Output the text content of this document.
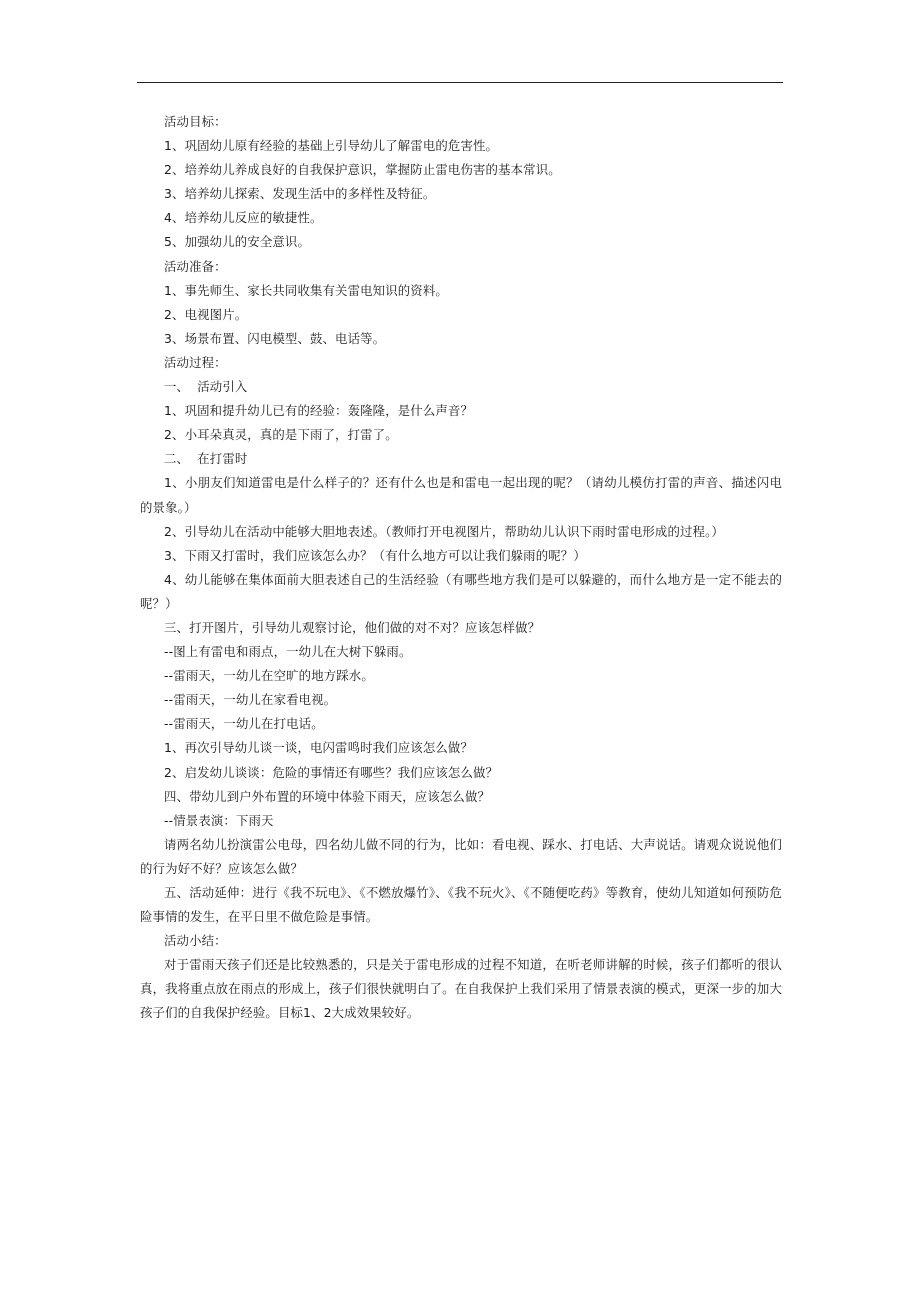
活动目标：
1、巩固幼儿原有经验的基础上引导幼儿了解雷电的危害性。
2、培养幼儿养成良好的自我保护意识，掌握防止雷电伤害的基本常识。
3、培养幼儿探索、发现生活中的多样性及特征。
4、培养幼儿反应的敏捷性。
5、加强幼儿的安全意识。
活动准备：
1、事先师生、家长共同收集有关雷电知识的资料。
2、电视图片。
3、场景布置、闪电模型、鼓、电话等。
活动过程：
一、  活动引入
1、巩固和提升幼儿已有的经验：轰隆隆，是什么声音？
2、小耳朵真灵，真的是下雨了，打雷了。
二、  在打雷时
1、小朋友们知道雷电是什么样子的？还有什么也是和雷电一起出现的呢？（请幼儿模仿打雷的声音、描述闪电的景象。）
2、引导幼儿在活动中能够大胆地表述。（教师打开电视图片，帮助幼儿认识下雨时雷电形成的过程。）
3、下雨又打雷时，我们应该怎么办？（有什么地方可以让我们躲雨的呢？）
4、幼儿能够在集体面前大胆表述自己的生活经验（有哪些地方我们是可以躲避的，而什么地方是一定不能去的呢？）
三、打开图片，引导幼儿观察讨论，他们做的对不对？应该怎样做？
--图上有雷电和雨点，一幼儿在大树下躲雨。
--雷雨天，一幼儿在空旷的地方踩水。
--雷雨天，一幼儿在家看电视。
--雷雨天，一幼儿在打电话。
1、再次引导幼儿谈一谈，电闪雷鸣时我们应该怎么做？
2、启发幼儿谈谈：危险的事情还有哪些？我们应该怎么做？
四、带幼儿到户外布置的环境中体验下雨天，应该怎么做？
--情景表演：下雨天
请两名幼儿扮演雷公电母，四名幼儿做不同的行为，比如：看电视、踩水、打电话、大声说话。请观众说说他们的行为好不好？应该怎么做？
五、活动延伸：进行《我不玩电》、《不燃放爆竹》、《我不玩火》、《不随便吃药》等教育，使幼儿知道如何预防危险事情的发生，在平日里不做危险是事情。
活动小结：
对于雷雨天孩子们还是比较熟悉的，只是关于雷电形成的过程不知道，在听老师讲解的时候，孩子们都听的很认真，我将重点放在雨点的形成上，孩子们很快就明白了。在自我保护上我们采用了情景表演的模式，更深一步的加大孩子们的自我保护经验。目标1、2大成效果较好。
